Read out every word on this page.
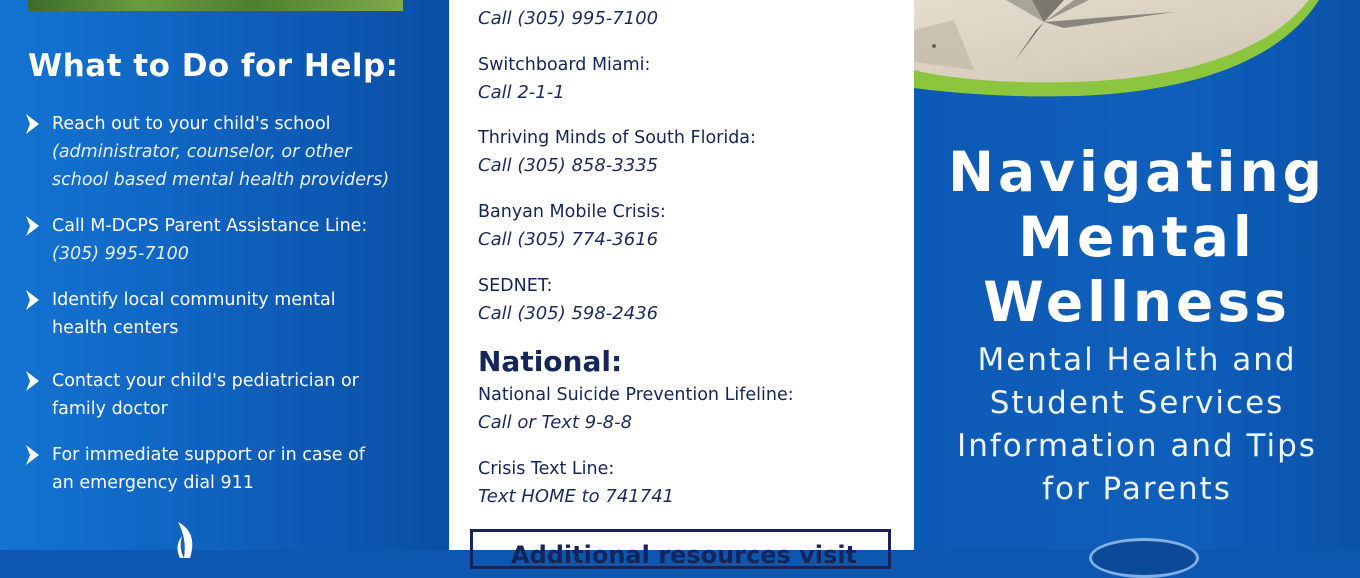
What to Do for Help:
Reach out to your child's school
(administrator, counselor, or other
school based mental health providers)
Call M-DCPS Parent Assistance Line:
(305) 995-7100
Identify local community mental
health centers
Contact your child's pediatrician or
family doctor
For immediate support or in case of
an emergency dial 911
Call (305) 995-7100
Switchboard Miami:
Call 2-1-1
Thriving Minds of South Florida:
Call (305) 858-3335
Banyan Mobile Crisis:
Call (305) 774-3616
SEDNET:
Call (305) 598-2436
National:
National Suicide Prevention Lifeline:
Call or Text 9-8-8
Crisis Text Line:
Text HOME to 741741
Additional resources visit
Navigating
Mental
Wellness
Mental Health and
Student Services
Information and Tips
for Parents
